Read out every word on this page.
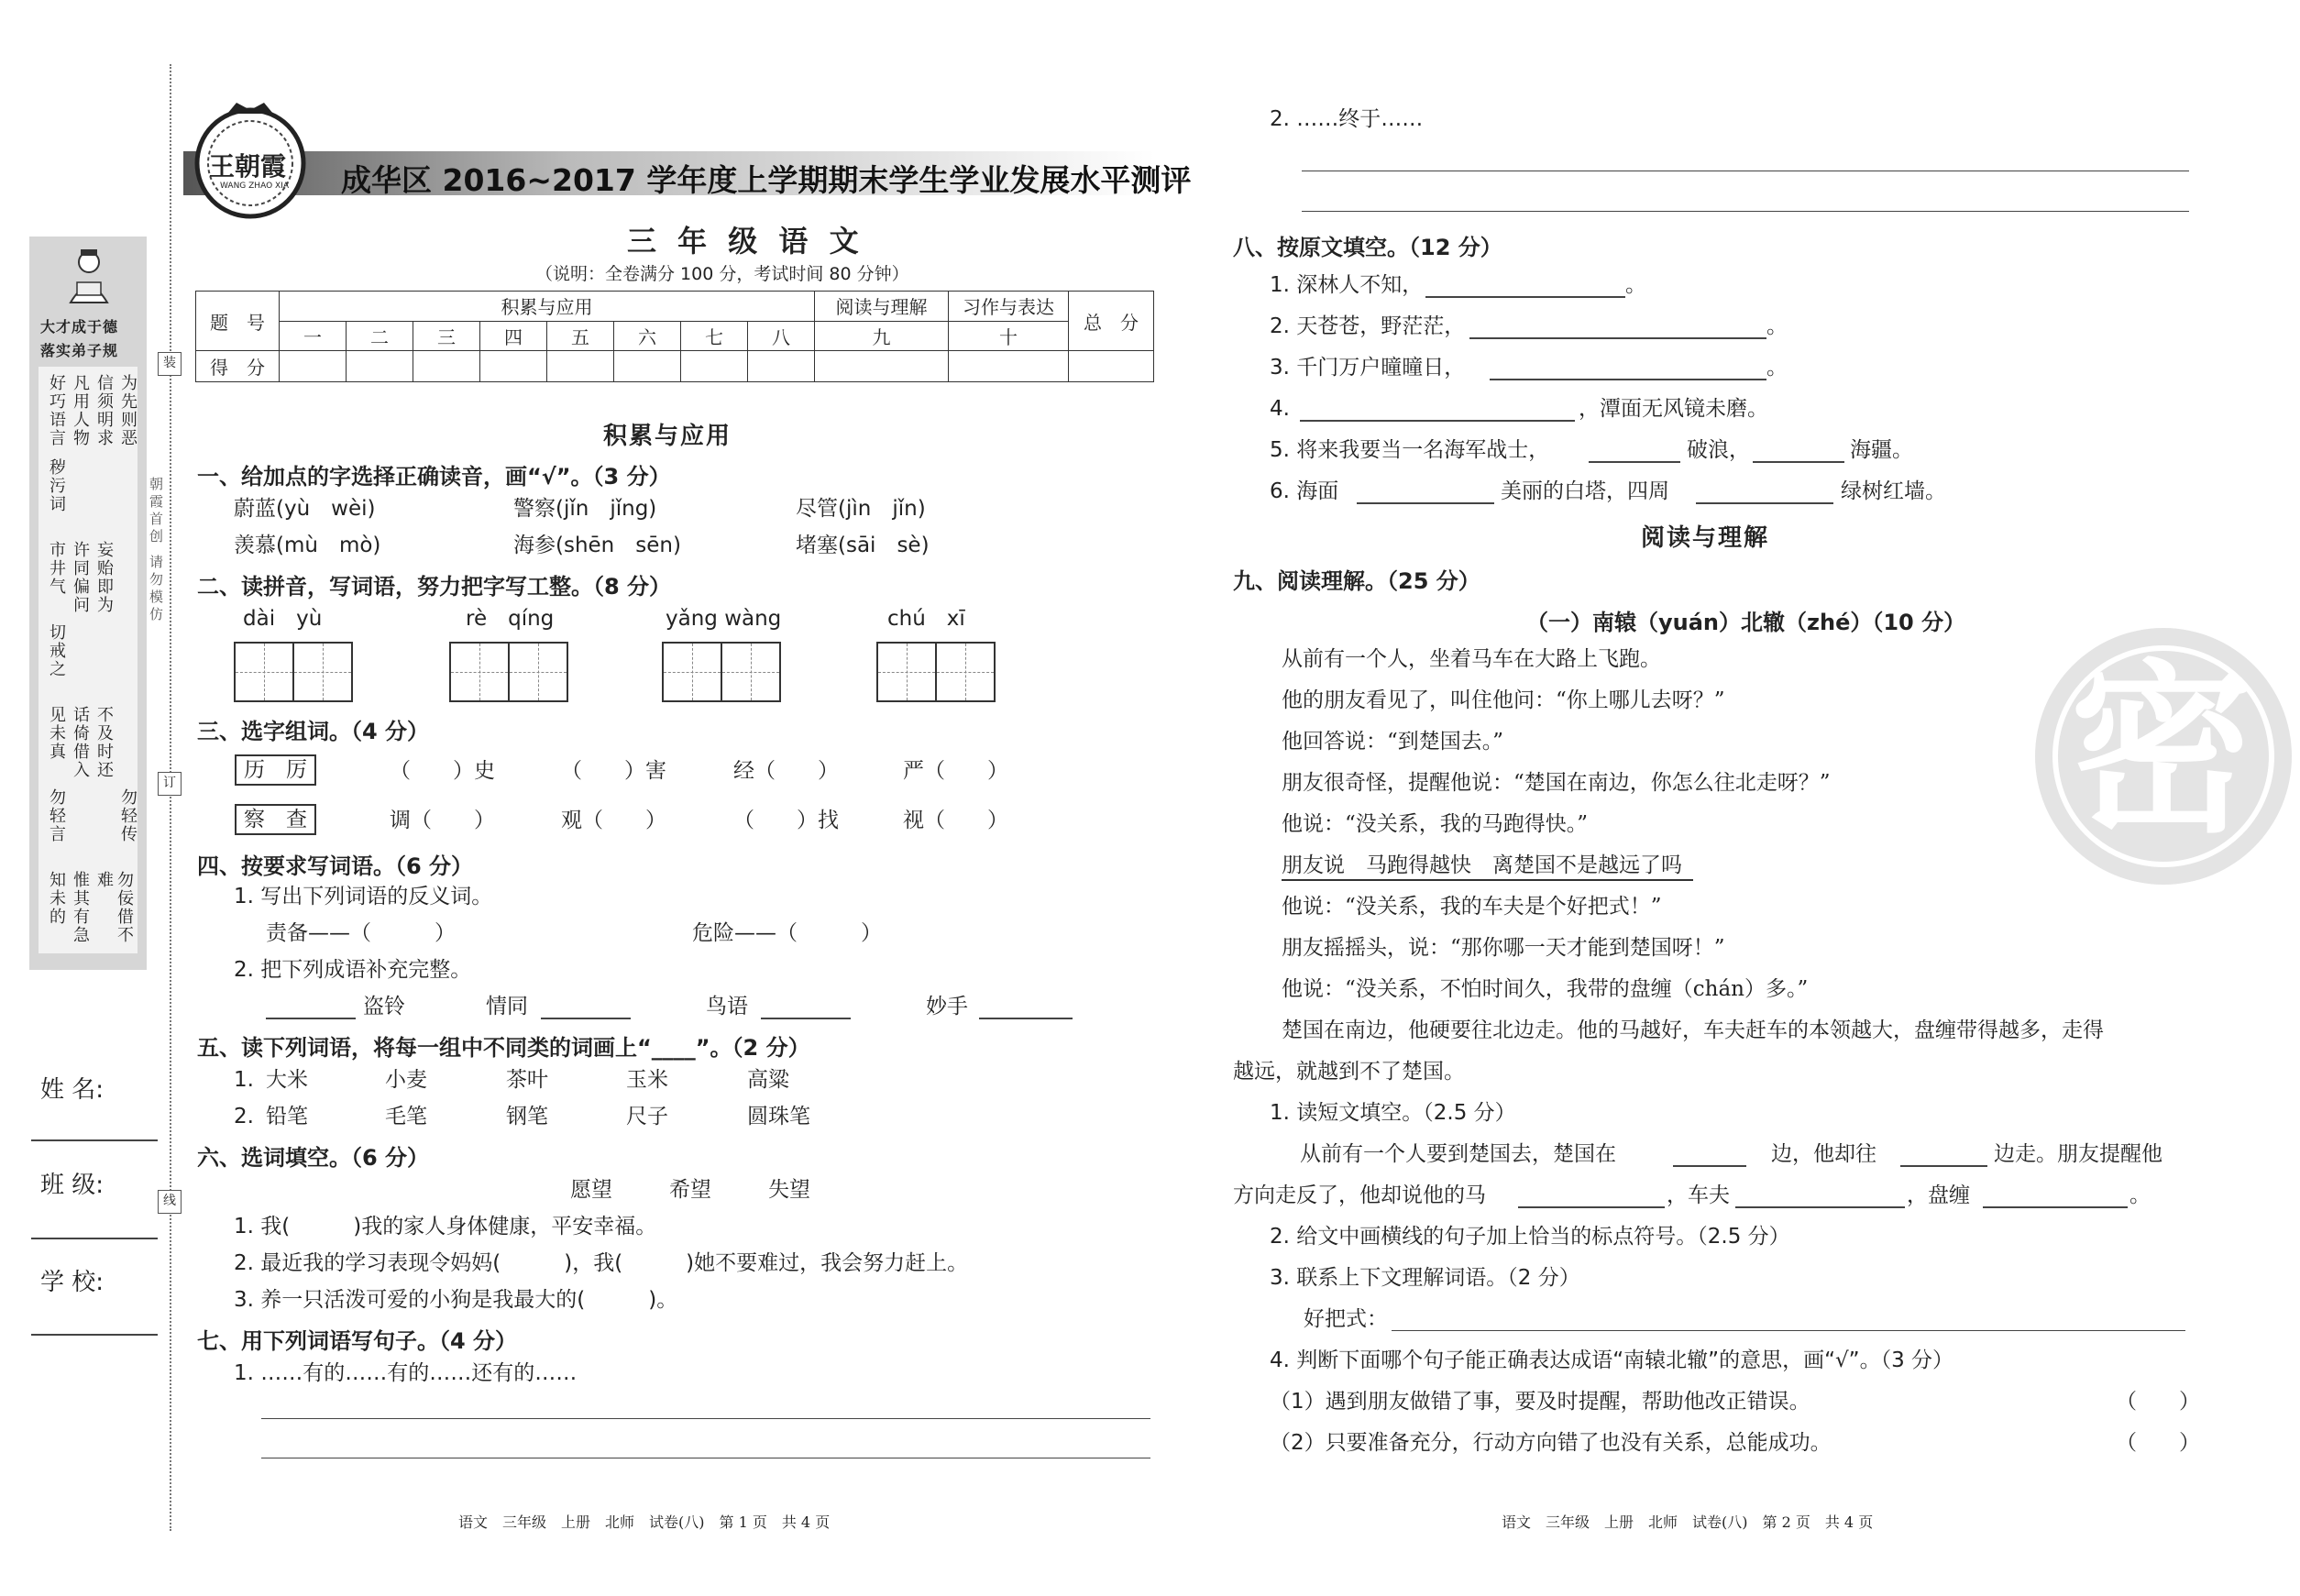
装
订
线
朝霞首创 请勿模仿
大才成于德
落实弟子规
好巧语言 凡用人物 信须明求 为先则恶
秽污词
市井气 许同偏问 妄贻即为
切戒之
见未真 话倚借入 不及时还
勿轻言
知未的 惟其有急
勿轻传
勿佞借不难
姓 名:
班 级:
学 校:
王朝霞
WANG ZHAO XIA 成华区 2016~2017 学年度上学期期末学生学业发展水平测评
三 年 级 语 文
（说明：全卷满分 100 分，考试时间 80 分钟）
题　号	积累与应用								阅读与理解	习作与表达	总　分
	一	二	三	四	五	六	七	八	九	十	
得　分											
积累与应用
一、给加点的字选择正确读音，画“√”。（3 分）
蔚蓝(yù　wèi)	警察(jǐn　jǐng)	尽管(jìn　jǐn)
羡慕(mù　mò)	海参(shēn　sēn)	堵塞(sāi　sè)
二、读拼音，写词语，努力把字写工整。（8 分）
dài　yù	rè　qíng	yǎng wàng	chú　xī
三、选字组词。（4 分）
历　厉	（　　）史	（　　）害	经（　　）	严（　　）
察　查	调（　　）	观（　　）	（　　）找	视（　　）
四、按要求写词语。（6 分）
1. 写出下列词语的反义词。
责备——（　　　）	危险——（　　　）
2. 把下列成语补充完整。
盗铃	情同	鸟语	妙手
五、读下列词语，将每一组中不同类的词画上“____”。（2 分）
1. 大米	小麦	茶叶	玉米	高粱
2. 铅笔	毛笔	钢笔	尺子	圆珠笔
六、选词填空。（6 分）
愿望	希望	失望
1. 我(　　　)我的家人身体健康，平安幸福。
2. 最近我的学习表现令妈妈(　　　)，我(　　　)她不要难过，我会努力赶上。
3. 养一只活泼可爱的小狗是我最大的(　　　)。
七、用下列词语写句子。（4 分）
1. ……有的……有的……还有的……
语文　三年级　上册　北师　试卷(八)　第 1 页　共 4 页
密
2. ……终于……
八、按原文填空。（12 分）
1. 深林人不知，	。
2. 天苍苍，野茫茫，	。
3. 千门万户曈曈日，	。
4.	，潭面无风镜未磨。
5. 将来我要当一名海军战士，	破浪，	海疆。
6. 海面	美丽的白塔，四周	绿树红墙。
阅读与理解
九、阅读理解。（25 分）
（一）南辕（yuán）北辙（zhé）（10 分）
从前有一个人，坐着马车在大路上飞跑。
他的朋友看见了，叫住他问：“你上哪儿去呀？”
他回答说：“到楚国去。”
朋友很奇怪，提醒他说：“楚国在南边，你怎么往北走呀？”
他说：“没关系，我的马跑得快。”
朋友说　马跑得越快　离楚国不是越远了吗
他说：“没关系，我的车夫是个好把式！”
朋友摇摇头，说：“那你哪一天才能到楚国呀！”
他说：“没关系，不怕时间久，我带的盘缠（chán）多。”
楚国在南边，他硬要往北边走。他的马越好，车夫赶车的本领越大，盘缠带得越多，走得
越远，就越到不了楚国。
1. 读短文填空。（2.5 分）
从前有一个人要到楚国去，楚国在	边，他却往	边走。朋友提醒他
方向走反了，他却说他的马	，车夫	，盘缠	。
2. 给文中画横线的句子加上恰当的标点符号。（2.5 分）
3. 联系上下文理解词语。（2 分）
好把式：
4. 判断下面哪个句子能正确表达成语“南辕北辙”的意思，画“√”。（3 分）
（1）遇到朋友做错了事，要及时提醒，帮助他改正错误。	（　　）
（2）只要准备充分，行动方向错了也没有关系，总能成功。	（　　）
语文　三年级　上册　北师　试卷(八)　第 2 页　共 4 页
